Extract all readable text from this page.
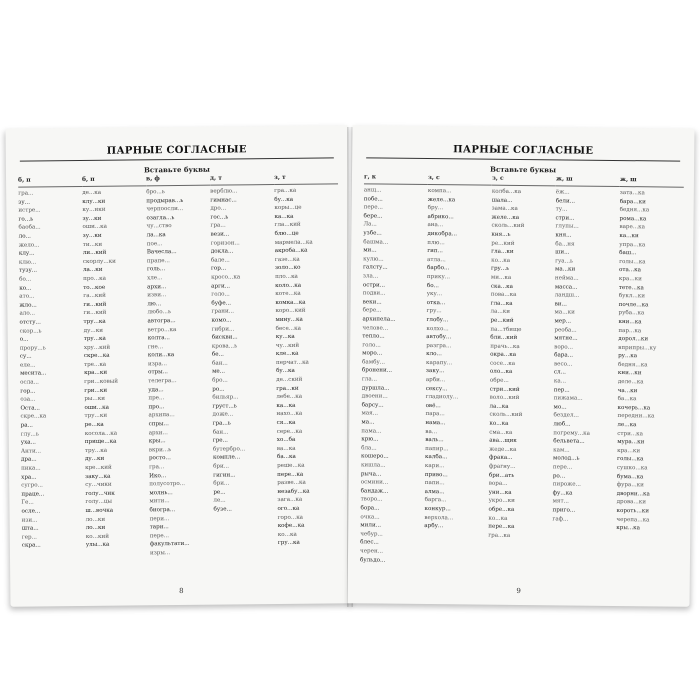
ПАРНЫЕ СОГЛАСНЫЕ
Вставьте буквы
б, п
гра...
зу...
истре...
го...ь
баоба...
ло...
жело...
клу...
клю...
тузу...
бо...
ко...
ато...
жло...
ало...
отсту...
скор...ь
о...
прору...ь
су...
еле...
месита...
осла...
гор...
оза...
Оста...
скре...ка
ра...
глу...ь
уха...
Анти...
дра...
пика...
хра...
сугро...
праце...
Ге...
осле...
изи...
шта...
гер...
скра...
б, п
де...ка
клу...ки
ку...ики
зу...ки
оши...ка
зу...ки
ти...ки
ли...кий
скорлу...ки
ла...ки
про...ка
то...кое
га...кий
ги...кий
ги...кий
тру...ка
ду...ки
тру...ка
хру...кий
скре...ка
тре...ка
кра...ки
гри...ковый
гри...ки
ры...ки
оши...ка
тру...ки
ре...ка
косола...ка
прище...ка
тру...ка
ду...ки
кре...кий
заку...ка
су...чики
голу...чик
голу...цы
ш...вочка
ло...ки
ло...ки
ко...кий
улы...ка
в, ф
бро...ь
продырав...ь
черпоосли...
озагла...ь
чу...ство
ла...ка
пое...
Вачесла...
прапе...
голь...
хле...
архи...
изви...
лю...
любо...ь
автогра...
ветро...ка
колта...
гне...
коли...ка
изра...
отры...
телегра...
уда...
пре...
про...
архипа...
спры...
архи...
кры...
вкри...ь
росто...
гра...
Ико...
полусотро...
молнь...
мити...
биогра...
пери...
тари...
пере...
факультати...
изры...
д, т
верблю...
гимнас...
дро...
гос...ь
гра...
вези...
горизон...
докла...
бале...
гор...
кросо...ка
арги...
голо...
буфе...
грани...
комо...
гибри...
бискви...
крова...ь
бе...
бан...
ме...
бро...
ро...
бильяр...
груст...ь
доже...
гра...ь
бан...
гре...
бутербро...
компле...
бри...
гигин...
бри...
ре...
ле...
бузе...
з, т
гра...ка
бу...ка
коры...це
ка...ка
гла...кий
блю...це
мармела...ка
акроба...ка
газе...ка
золо...ко
пло...ка
коло...ка
коте...ка
комка...ка
коро...кий
мину...ка
бесе...ка
ку...ка
чу...кий
кле...ка
перчат...ка
бу...ка
де...ский
гра...ки
лебе...ка
ка...ка
нахо...ка
ся...ка
сере...ка
хо...ба
ва...ка
ба...ка
реше...ка
пере...ка
разве...ка
незабу...ка
зага...ка
ого...ка
горо...ка
кофе...ка
ко...ка
гру...ка
8
ПАРНЫЕ СОГЛАСНЫЕ
Вставьте буквы
г, к
анщ...
побе...
пере...
бере...
Ла...
узбе...
башма...
ми...
кулю...
галсту...
зла...
остри...
подви...
веки...
бере...
архипела...
челове...
тепло...
голо...
моро...
бамбу...
бронени...
гла...
дуршла...
двоени...
барсу...
мая...
ма...
пама...
крю...
бла...
кошеро...
кишла...
рыча...
осмини...
бандаж...
творо...
бора...
очка...
мили...
чебур...
блес...
черен...
бульдо...
з, с
компа...
желе...ка
бру...
абрико...
ана...
дикобра...
плю...
гип...
атла...
барбо...
прику...
бо...
уку...
отка...
гру...
глобу...
колхо...
автобу...
разгра...
кло...
карапу...
заку...
арби...
сексу...
гладиолу...
овё...
пара...
нама...
ва...
валь...
папир...
калба...
кари...
приво...
папи...
алма...
барга...
конкур...
верхола...
арбу...
з, с
колба...ка
шала...
зама...ка
желе...ка
сколь...кий
кня...ь
ре...кий
гла...ки
ко...ка
гру...ь
ми...ка
ска...ка
пова...ка
гла...ка
ла...ки
ре...кий
па...тбище
бли...кий
прачь...ка
окра...ка
сосе...ка
оло...ка
обре...
стри...кий
воло...кий
ла...ка
сколь...кий
ко...ка
сма...ка
ава...щик
жеде...ка
фрака...
фрагну...
бри...ать
вора...
уни...ка
укро...ки
обре...ка
ко...ка
пере...ка
гра...ка
ж, ш
ёж...
бели...
ту...
стри...
глупы...
кня...
ба...ня
ши...
гуа...ь
ма...ки
нейма...
масса...
ландш...
ви...
ма...ки
мер...
реоба...
мятне...
воро...
бара...
весо...
сл...
ка...
пер...
пижама...
мо...
бездел...
люб...
погрему...ка
бельвета...
кам...
молод...ь
пере...
ро...
пироже...
фу...ка
мят...
приго...
гаф...
ж, ш
зата...ка
бара...ки
бедня...ка
рома...ка
варе...ка
ка...ки
упра...ка
баш...
голы...ка
ота...ка
кра...ки
тете...ка
букл...ки
почле...ка
руба...ка
кни...ка
пар...ка
дорол...ки
вприпры...ку
ру...ка
бедня...ка
кни...ки
деле...ка
ча...ки
ба...ка
кочерь...ка
передни...ка
ле...ка
стри...ка
мура...ки
кра...ки
голы...ка
сушко...ка
бума...ка
фура...ки
дворни...ка
дрова...ки
короть...ки
черепа...ка
кры...ка
9
